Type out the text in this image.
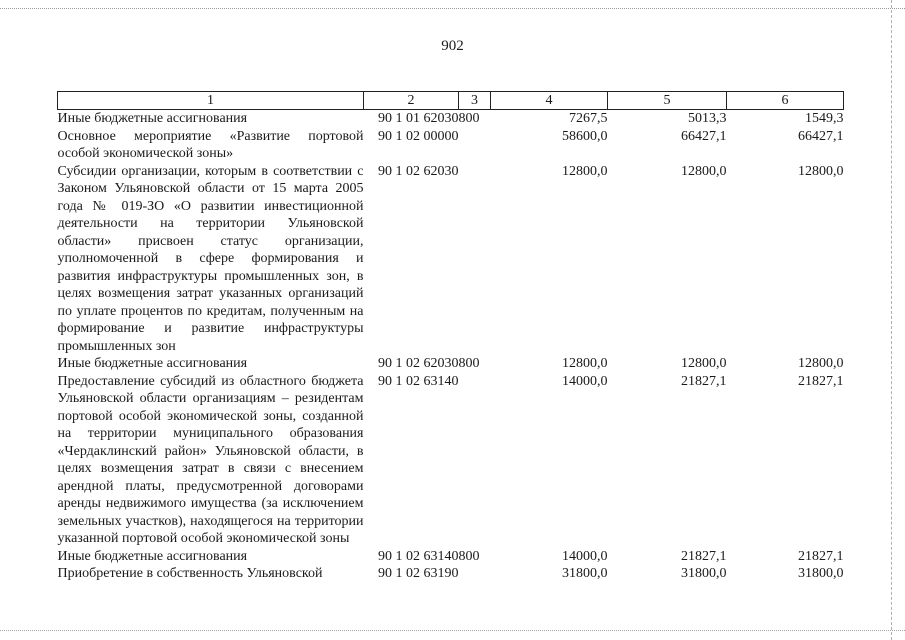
902
1	2	3	4	5	6
Иные бюджетные ассигнования	90 1 01 62030	800	7267,5	5013,3	1549,3
Основное мероприятие «Развитие портовой особой экономической зоны»	90 1 02 00000		58600,0	66427,1	66427,1
Субсидии организации, которым в соответствии с Законом Ульяновской области от 15 марта 2005 года № 019-ЗО «О развитии инвестиционной деятельности на территории Ульяновской области» присвоен статус организации, уполномоченной в сфере формирования и развития инфраструктуры промышленных зон, в целях возмещения затрат указанных организаций по уплате процентов по кредитам, полученным на формирование и развитие инфраструктуры промышленных зон	90 1 02 62030		12800,0	12800,0	12800,0
Иные бюджетные ассигнования	90 1 02 62030	800	12800,0	12800,0	12800,0
Предоставление субсидий из областного бюджета Ульяновской области организациям – резидентам портовой особой экономической зоны, созданной на территории муниципального образования «Чердаклинский район» Ульяновской области, в целях возмещения затрат в связи с внесением арендной платы, предусмотренной договорами аренды недвижимого имущества (за исключением земельных участков), находящегося на территории указанной портовой особой экономической зоны	90 1 02 63140		14000,0	21827,1	21827,1
Иные бюджетные ассигнования	90 1 02 63140	800	14000,0	21827,1	21827,1
Приобретение в собственность Ульяновской	90 1 02 63190		31800,0	31800,0	31800,0
